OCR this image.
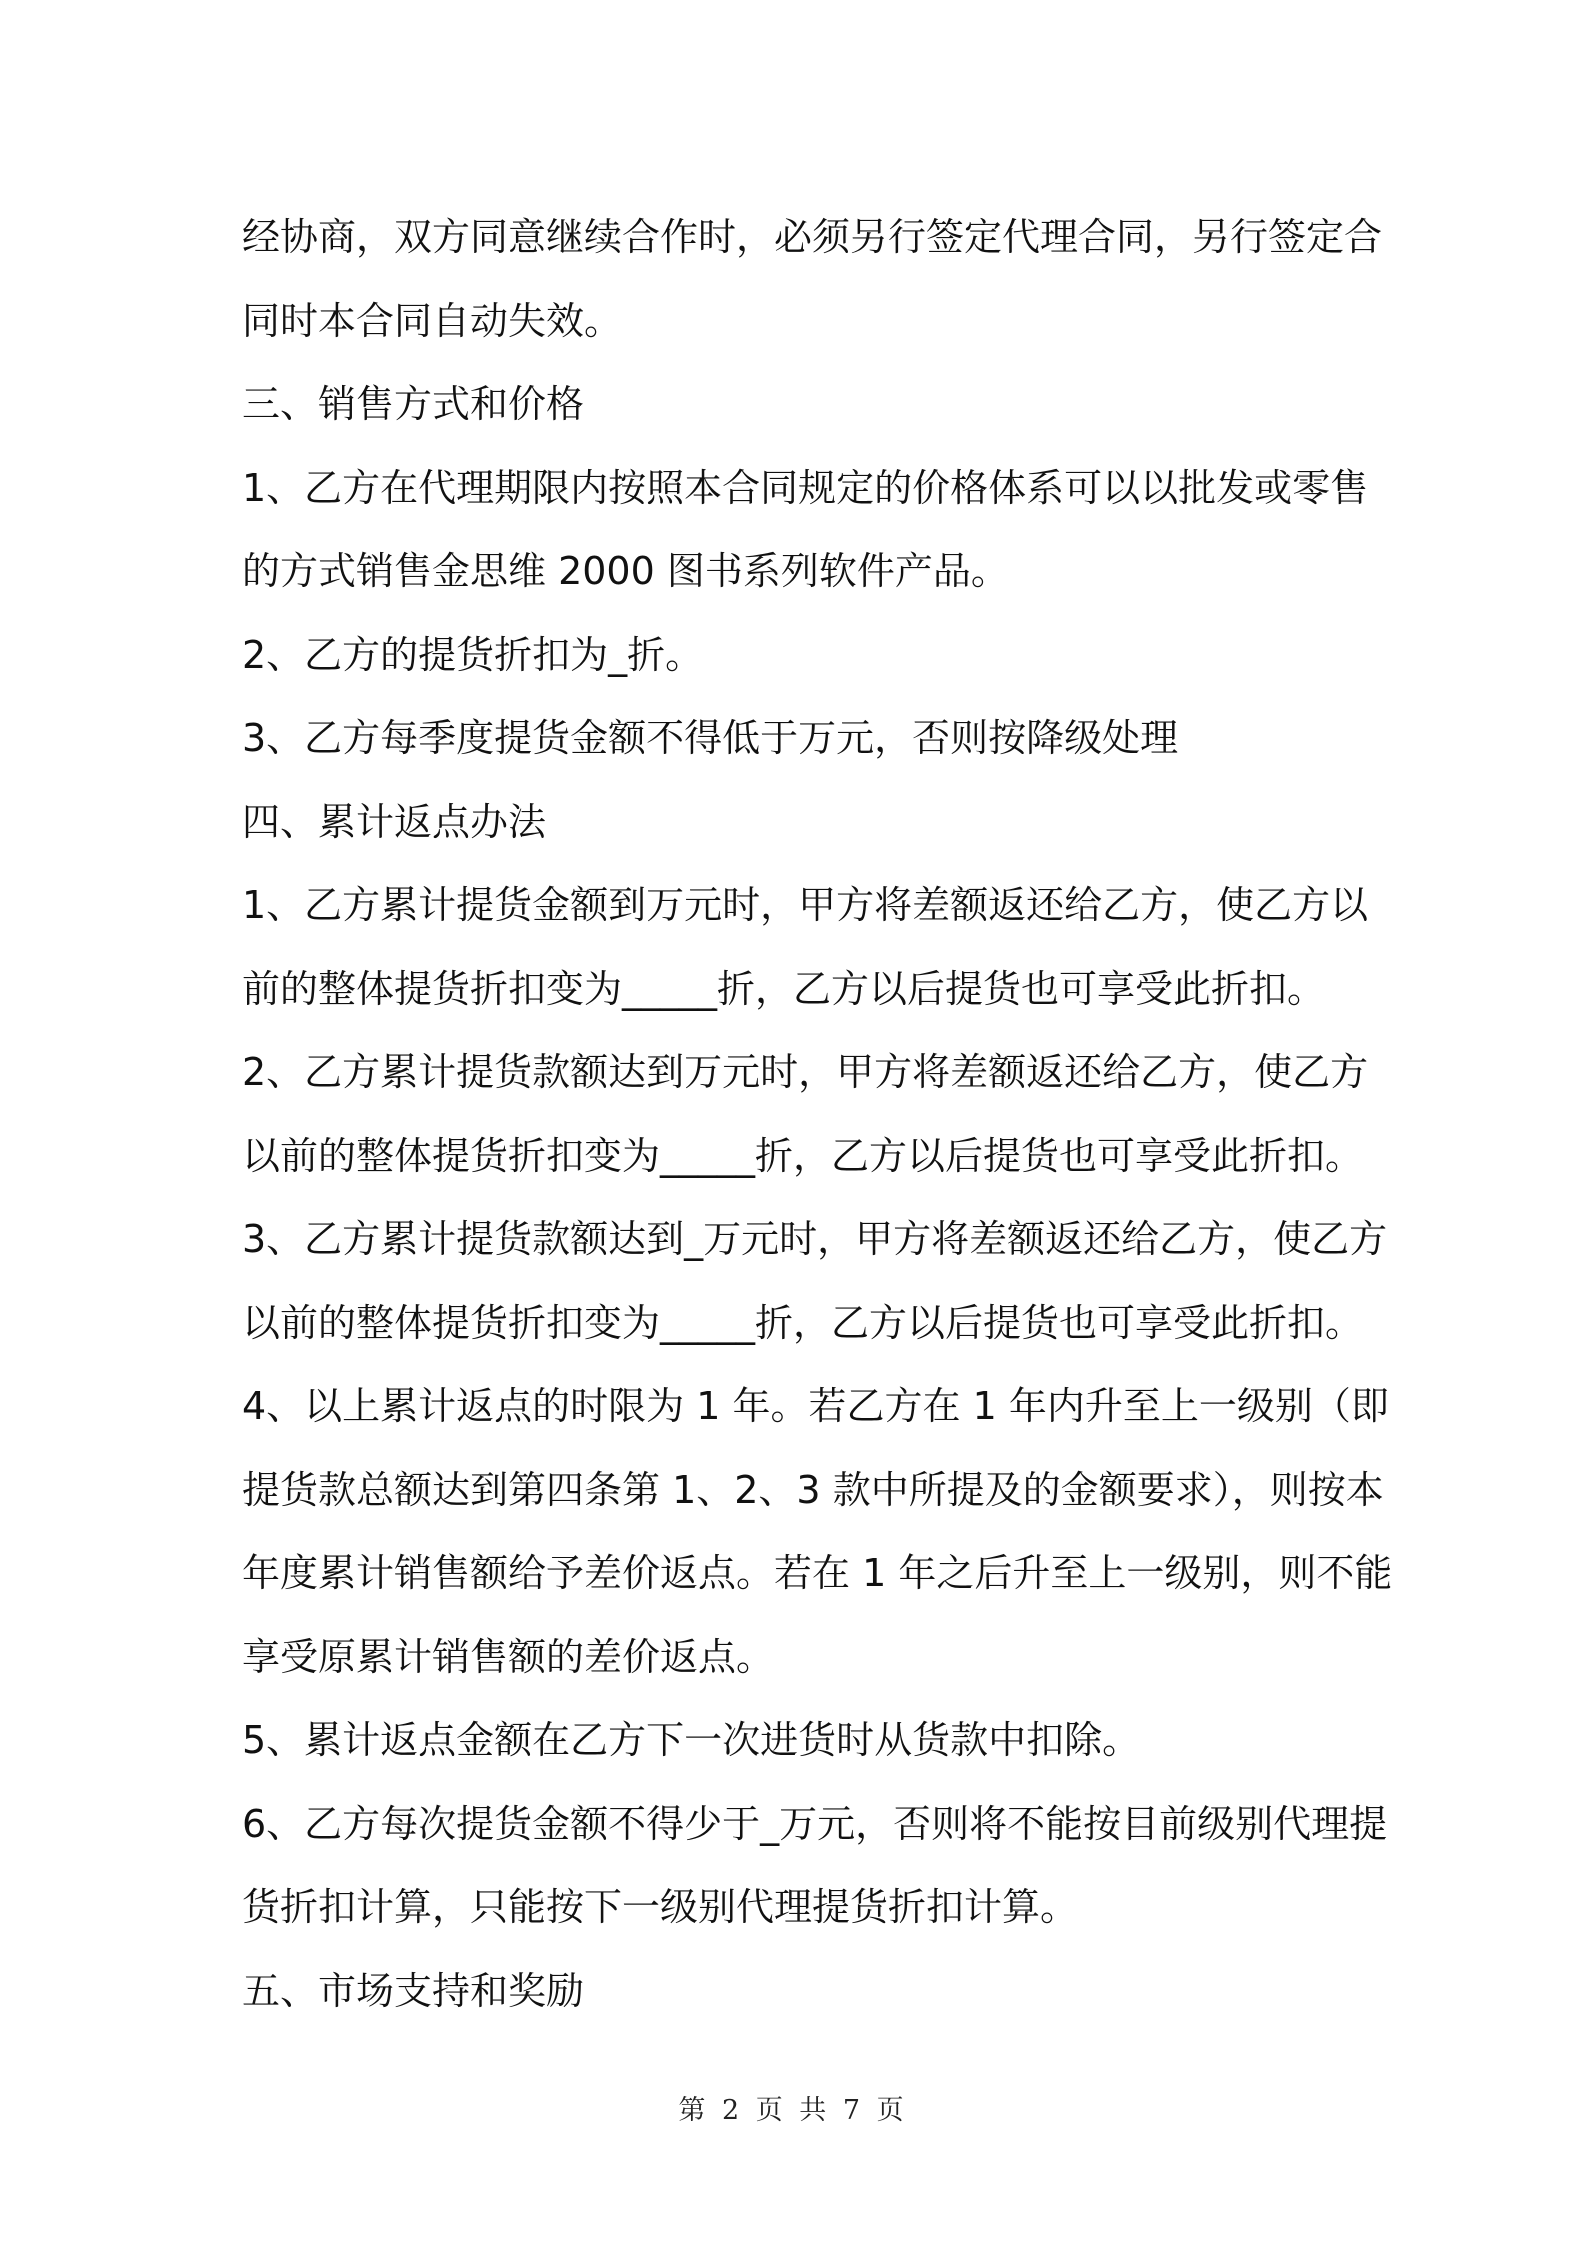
经协商，双方同意继续合作时，必须另行签定代理合同，另行签定合
同时本合同自动失效。
三、销售方式和价格
1、乙方在代理期限内按照本合同规定的价格体系可以以批发或零售
的方式销售金思维 2000 图书系列软件产品。
2、乙方的提货折扣为_折。
3、乙方每季度提货金额不得低于万元，否则按降级处理
四、累计返点办法
1、乙方累计提货金额到万元时，甲方将差额返还给乙方，使乙方以
前的整体提货折扣变为_____折，乙方以后提货也可享受此折扣。
2、乙方累计提货款额达到万元时，甲方将差额返还给乙方，使乙方
以前的整体提货折扣变为_____折，乙方以后提货也可享受此折扣。
3、乙方累计提货款额达到_万元时，甲方将差额返还给乙方，使乙方
以前的整体提货折扣变为_____折，乙方以后提货也可享受此折扣。
4、以上累计返点的时限为 1 年。若乙方在 1 年内升至上一级别（即
提货款总额达到第四条第 1、2、3 款中所提及的金额要求），则按本
年度累计销售额给予差价返点。若在 1 年之后升至上一级别，则不能
享受原累计销售额的差价返点。
5、累计返点金额在乙方下一次进货时从货款中扣除。
6、乙方每次提货金额不得少于_万元，否则将不能按目前级别代理提
货折扣计算，只能按下一级别代理提货折扣计算。
五、市场支持和奖励
第 2 页 共 7 页
